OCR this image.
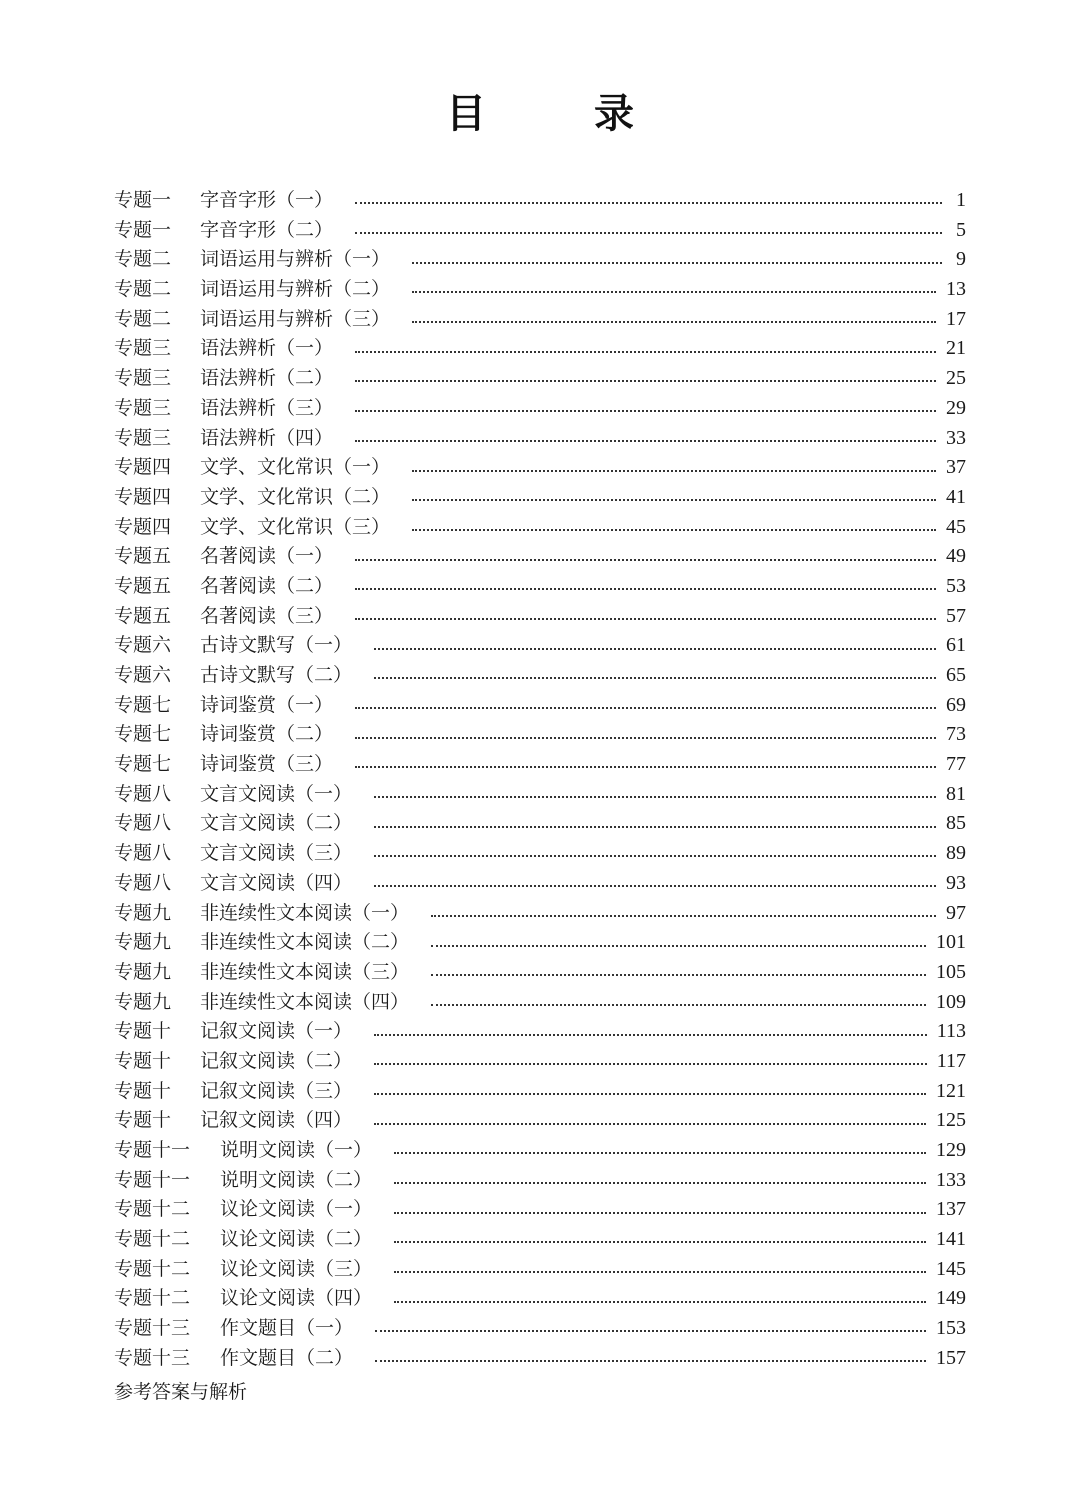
目　录
专题一	字音字形（一）	1
专题一	字音字形（二）	5
专题二	词语运用与辨析（一）	9
专题二	词语运用与辨析（二）	13
专题二	词语运用与辨析（三）	17
专题三	语法辨析（一）	21
专题三	语法辨析（二）	25
专题三	语法辨析（三）	29
专题三	语法辨析（四）	33
专题四	文学、文化常识（一）	37
专题四	文学、文化常识（二）	41
专题四	文学、文化常识（三）	45
专题五	名著阅读（一）	49
专题五	名著阅读（二）	53
专题五	名著阅读（三）	57
专题六	古诗文默写（一）	61
专题六	古诗文默写（二）	65
专题七	诗词鉴赏（一）	69
专题七	诗词鉴赏（二）	73
专题七	诗词鉴赏（三）	77
专题八	文言文阅读（一）	81
专题八	文言文阅读（二）	85
专题八	文言文阅读（三）	89
专题八	文言文阅读（四）	93
专题九	非连续性文本阅读（一）	97
专题九	非连续性文本阅读（二）	101
专题九	非连续性文本阅读（三）	105
专题九	非连续性文本阅读（四）	109
专题十	记叙文阅读（一）	113
专题十	记叙文阅读（二）	117
专题十	记叙文阅读（三）	121
专题十	记叙文阅读（四）	125
专题十一	说明文阅读（一）	129
专题十一	说明文阅读（二）	133
专题十二	议论文阅读（一）	137
专题十二	议论文阅读（二）	141
专题十二	议论文阅读（三）	145
专题十二	议论文阅读（四）	149
专题十三	作文题目（一）	153
专题十三	作文题目（二）	157
参考答案与解析
